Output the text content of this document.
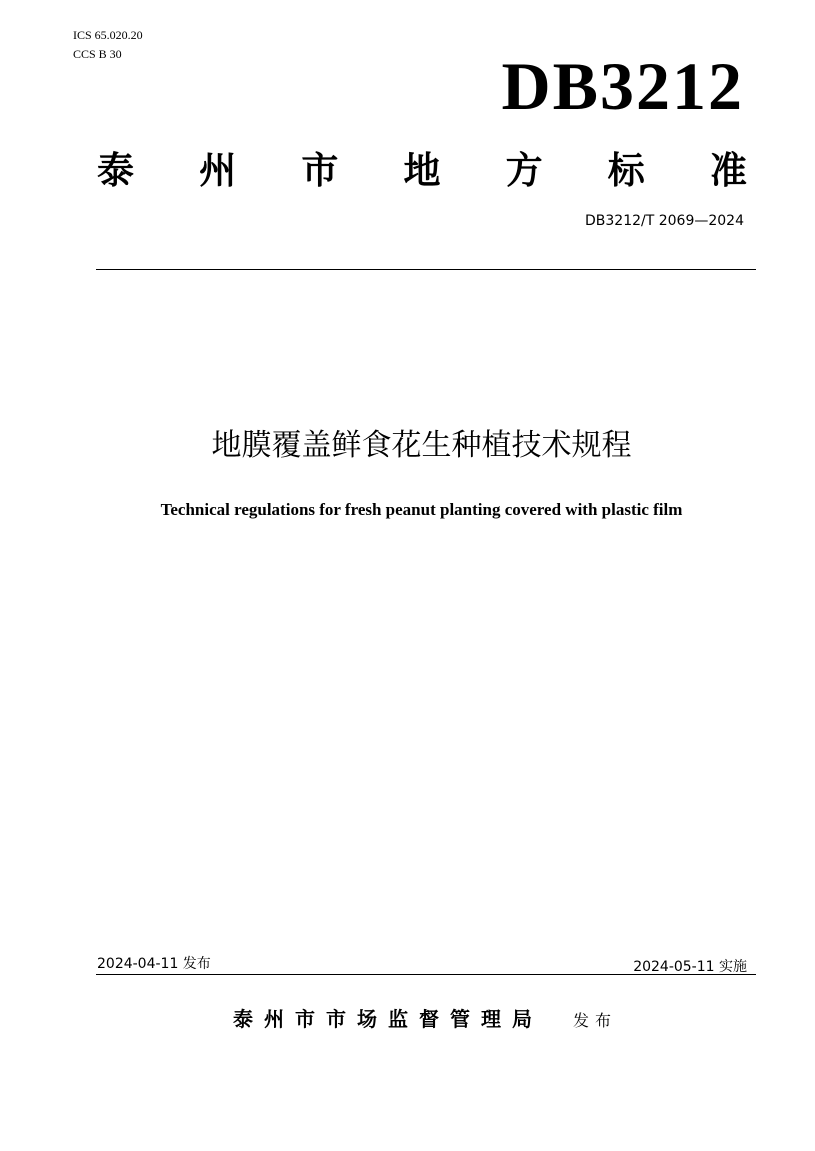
ICS 65.020.20
CCS B 30	DB3212
泰 州 市 地 方 标 准
DB3212/T 2069—2024
地膜覆盖鲜食花生种植技术规程
Technical regulations for fresh peanut planting covered with plastic film
2024-04-11 发布	2024-05-11 实施
泰州市市场监督管理局 发布
